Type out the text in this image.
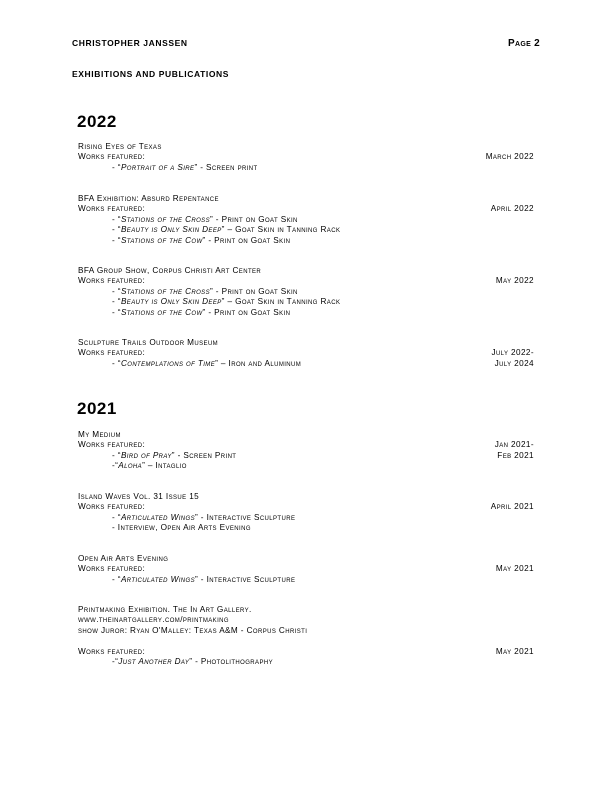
CHRISTOPHER JANSSEN	Page 2
EXHIBITIONS AND PUBLICATIONS
2022
Rising Eyes of Texas
Works featured:	March 2022
- “Portrait of a Sire” - Screen print
BFA Exhibition: Absurd Repentance
Works featured:	April 2022
- “Stations of the Cross” - Print on Goat Skin
- “Beauty is Only Skin Deep” – Goat Skin in Tanning Rack
- “Stations of the Cow” - Print on Goat Skin
BFA Group Show, Corpus Christi Art Center
Works featured:	May 2022
- “Stations of the Cross” - Print on Goat Skin
- “Beauty is Only Skin Deep” – Goat Skin in Tanning Rack
- “Stations of the Cow” - Print on Goat Skin
Sculpture Trails Outdoor Museum
Works featured:	July 2022-
July 2024
- “Contemplations of Time” – Iron and Aluminum
2021
My Medium
Works featured:	Jan 2021-
Feb 2021
- “Bird of Pray” - Screen Print
-“Aloha” – Intaglio
Island Waves Vol. 31 Issue 15
Works featured:	April 2021
- “Articulated Wings” - Interactive Sculpture
- Interview, Open Air Arts Evening
Open Air Arts Evening
Works featured:	May 2021
- “Articulated Wings” - Interactive Sculpture
Printmaking Exhibition. The In Art Gallery.
www.theinartgallery.com/printmaking
show Juror: Ryan O'Malley: Texas A&M - Corpus Christi
Works featured:	May 2021
-“Just Another Day” - Photolithography
